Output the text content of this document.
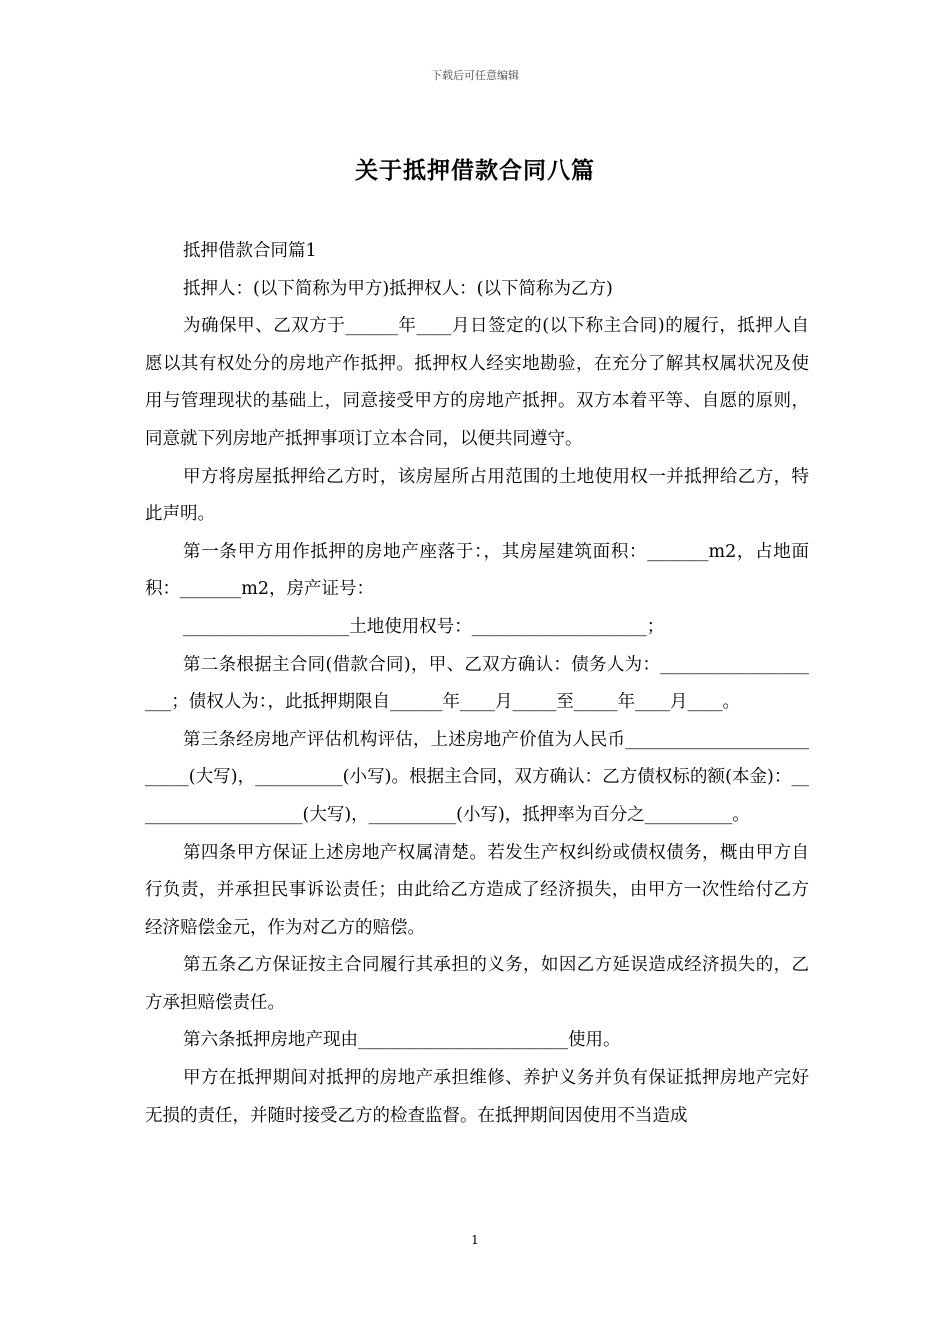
下载后可任意编辑
关于抵押借款合同八篇

抵押借款合同篇1

抵押人：(以下简称为甲方)抵押权人：(以下简称为乙方)

为确保甲、乙双方于______年____月日签定的(以下称主合同)的履行，抵押人自愿以其有权处分的房地产作抵押。抵押权人经实地勘验，在充分了解其权属状况及使用与管理现状的基础上，同意接受甲方的房地产抵押。双方本着平等、自愿的原则，同意就下列房地产抵押事项订立本合同，以便共同遵守。

甲方将房屋抵押给乙方时，该房屋所占用范围的土地使用权一并抵押给乙方，特此声明。

第一条甲方用作抵押的房地产座落于：，其房屋建筑面积：_______m2，占地面积：_______m2，房产证号：

___________________土地使用权号：____________________；

第二条根据主合同(借款合同)，甲、乙双方确认：债务人为：____________________；债权人为：，此抵押期限自______年____月_____至_____年____月____。

第三条经房地产评估机构评估，上述房地产价值为人民币__________________________(大写)，__________(小写)。根据主合同，双方确认：乙方债权标的额(本金)：____________________(大写)，__________(小写)，抵押率为百分之__________。

第四条甲方保证上述房地产权属清楚。若发生产权纠纷或债权债务，概由甲方自行负责，并承担民事诉讼责任；由此给乙方造成了经济损失，由甲方一次性给付乙方经济赔偿金元，作为对乙方的赔偿。

第五条乙方保证按主合同履行其承担的义务，如因乙方延误造成经济损失的，乙方承担赔偿责任。

第六条抵押房地产现由________________________使用。

甲方在抵押期间对抵押的房地产承担维修、养护义务并负有保证抵押房地产完好无损的责任，并随时接受乙方的检查监督。在抵押期间因使用不当造成

1
